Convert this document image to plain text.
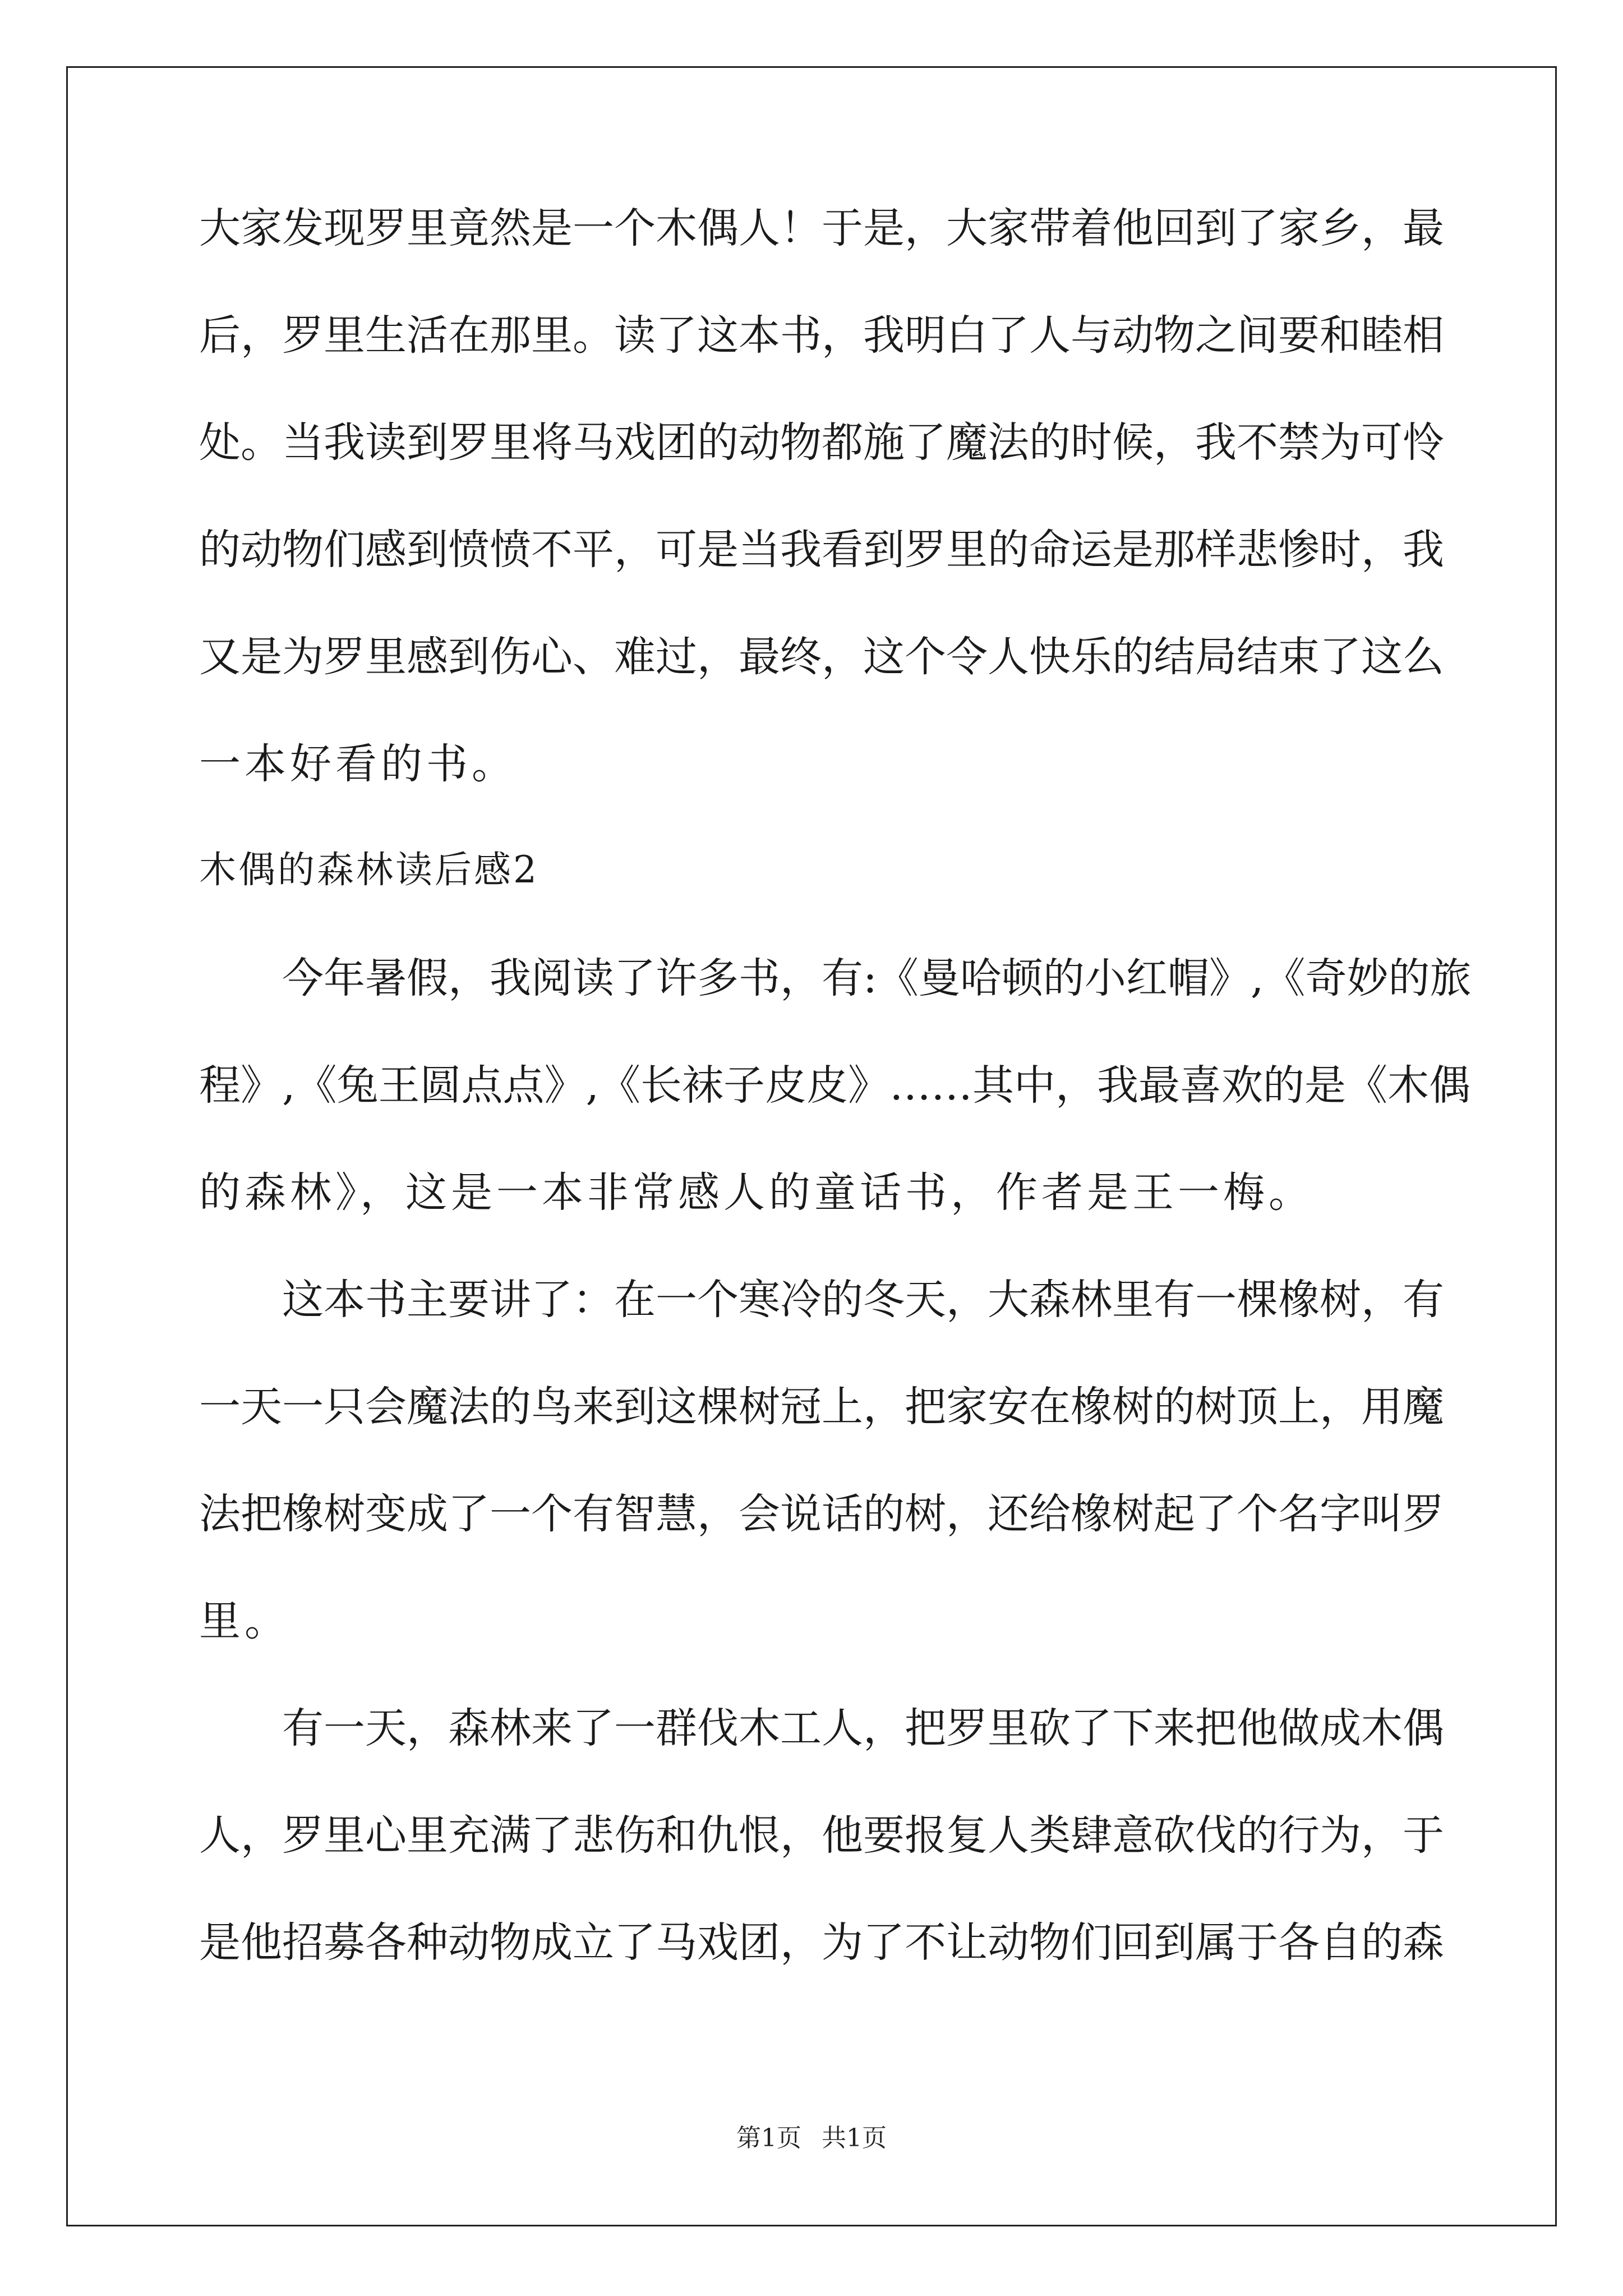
大家发现罗里竟然是一个木偶人！于是，大家带着他回到了家乡，最
后，罗里生活在那里。读了这本书，我明白了人与动物之间要和睦相
处。当我读到罗里将马戏团的动物都施了魔法的时候，我不禁为可怜
的动物们感到愤愤不平，可是当我看到罗里的命运是那样悲惨时，我
又是为罗里感到伤心、难过，最终，这个令人快乐的结局结束了这么
一本好看的书。
木偶的森林读后感2
今年暑假，我阅读了许多书，有:《曼哈顿的小红帽》,《奇妙的旅
程》,《兔王圆点点》,《长袜子皮皮》……其中，我最喜欢的是《木偶
的森林》，这是一本非常感人的童话书，作者是王一梅。
这本书主要讲了：在一个寒冷的冬天，大森林里有一棵橡树，有
一天一只会魔法的鸟来到这棵树冠上，把家安在橡树的树顶上，用魔
法把橡树变成了一个有智慧，会说话的树，还给橡树起了个名字叫罗
里。
有一天，森林来了一群伐木工人，把罗里砍了下来把他做成木偶
人，罗里心里充满了悲伤和仇恨，他要报复人类肆意砍伐的行为，于
是他招募各种动物成立了马戏团，为了不让动物们回到属于各自的森
第1页 共1页
